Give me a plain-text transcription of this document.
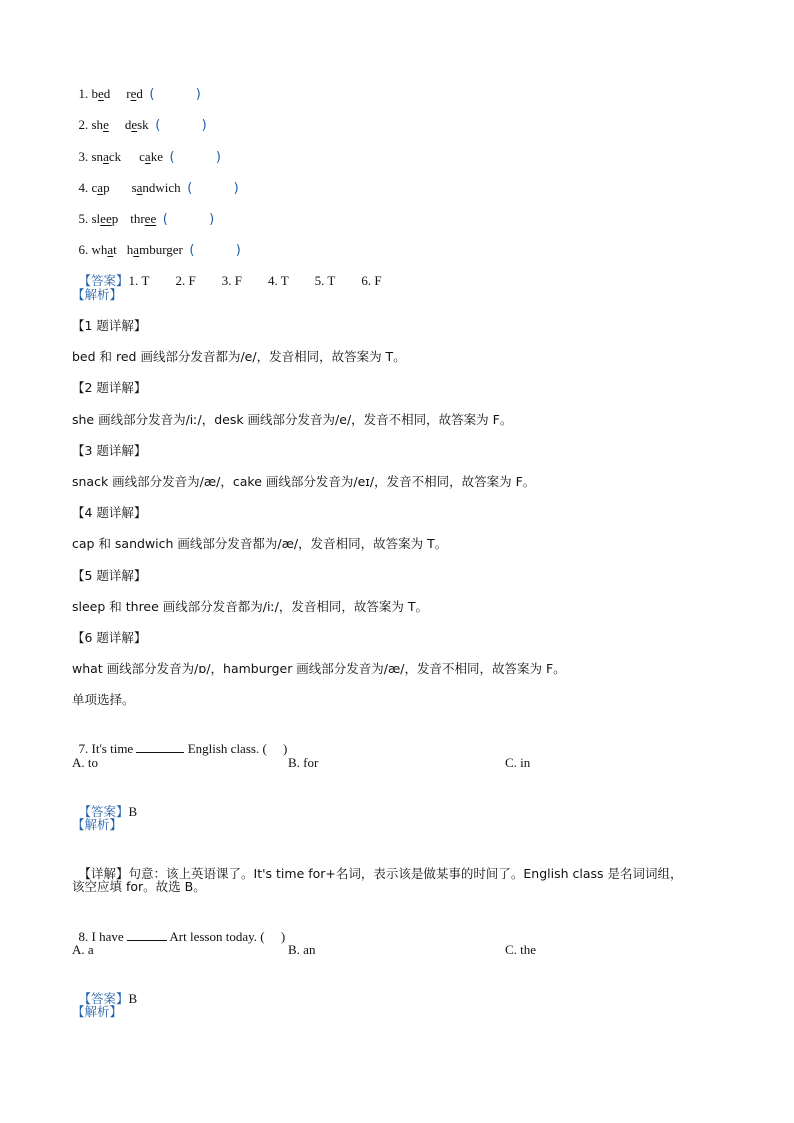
1. bed red (          )

2. she desk (          )

3. snack cake (          )

4. cap sandwich (          )

5. sleep three (          )

6. what hamburger (          )

【答案】1. T 2. F 3. F 4. T 5. T 6. F

【解析】
【1 题详解】
bed 和 red 画线部分发音都为/e/，发音相同，故答案为 T。
【2 题详解】
she 画线部分发音为/iː/，desk 画线部分发音为/e/，发音不相同，故答案为 F。
【3 题详解】
snack 画线部分发音为/æ/，cake 画线部分发音为/eɪ/，发音不相同，故答案为 F。
【4 题详解】
cap 和 sandwich 画线部分发音都为/æ/，发音相同，故答案为 T。
【5 题详解】
sleep 和 three 画线部分发音都为/iː/，发音相同，故答案为 T。
【6 题详解】
what 画线部分发音为/ɒ/，hamburger 画线部分发音为/æ/，发音不相同，故答案为 F。
单项选择。

7. It's time	English class. (     )

A. to	B. for	C. in

【答案】B

【解析】

【详解】句意：该上英语课了。It's time for+名词，表示该是做某事的时间了。English class 是名词词组，

该空应填 for。故选 B。

8. I have	Art lesson today. (     )

A. a	B. an	C. the

【答案】B

【解析】
